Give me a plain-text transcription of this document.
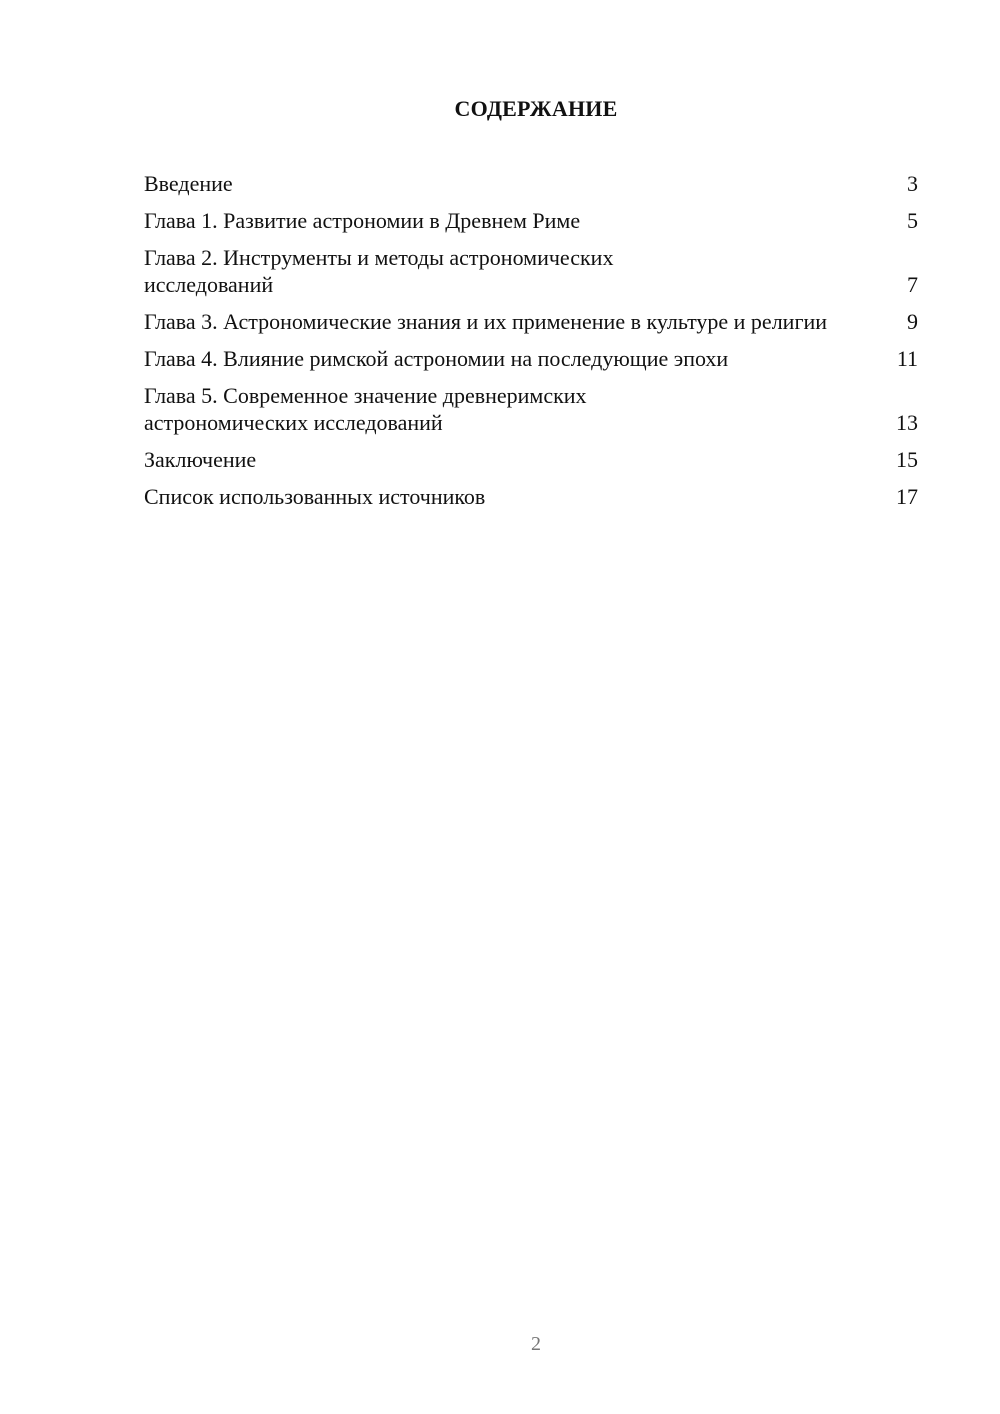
СОДЕРЖАНИЕ
Введение	3
Глава 1. Развитие астрономии в Древнем Риме	5
Глава 2. Инструменты и методы астрономических исследований	7
Глава 3. Астрономические знания и их применение в культуре и религии	9
Глава 4. Влияние римской астрономии на последующие эпохи	11
Глава 5. Современное значение древнеримских астрономических исследований	13
Заключение	15
Список использованных источников	17
2
